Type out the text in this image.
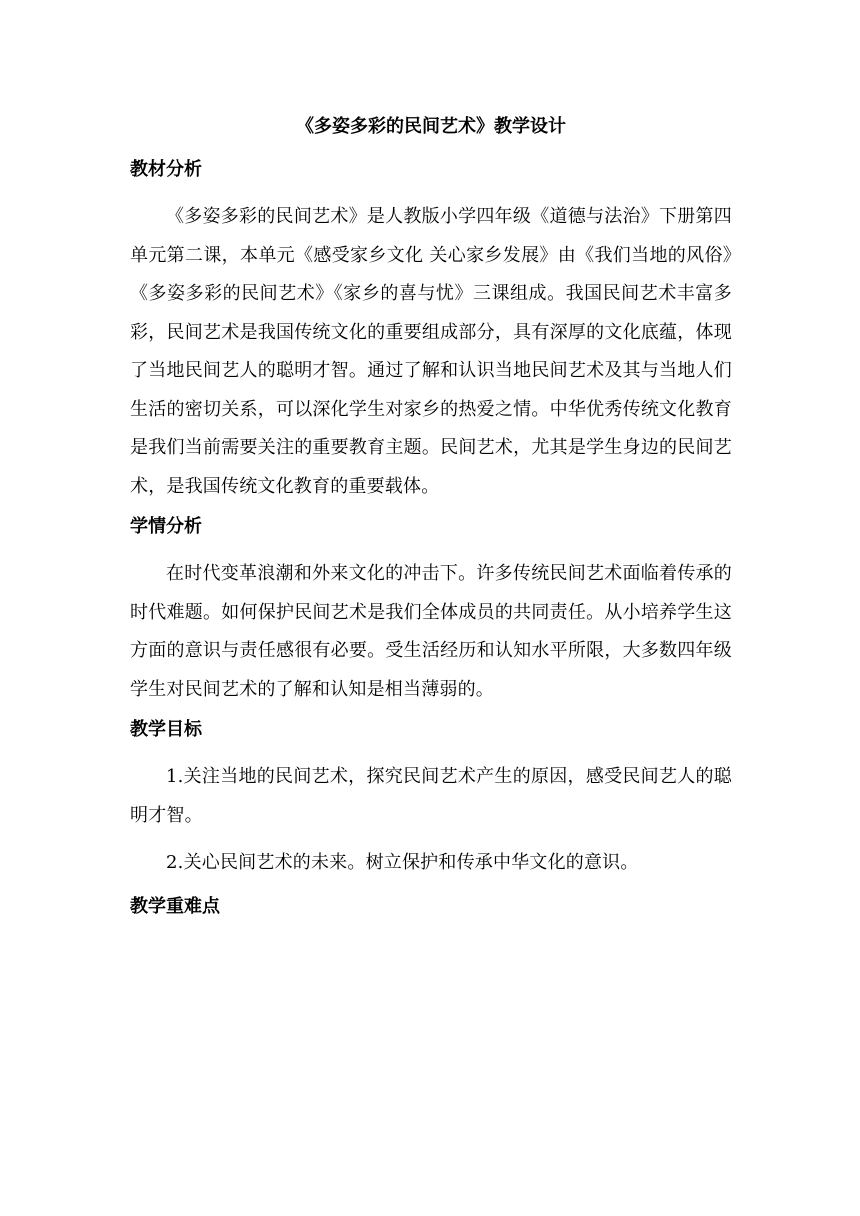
《多姿多彩的民间艺术》教学设计
教材分析

《多姿多彩的民间艺术》是人教版小学四年级《道德与法治》下册第四单元第二课，本单元《感受家乡文化 关心家乡发展》由《我们当地的风俗》《多姿多彩的民间艺术》《家乡的喜与忧》三课组成。我国民间艺术丰富多彩，民间艺术是我国传统文化的重要组成部分，具有深厚的文化底蕴，体现了当地民间艺人的聪明才智。通过了解和认识当地民间艺术及其与当地人们生活的密切关系，可以深化学生对家乡的热爱之情。中华优秀传统文化教育是我们当前需要关注的重要教育主题。民间艺术，尤其是学生身边的民间艺术，是我国传统文化教育的重要载体。

学情分析

在时代变革浪潮和外来文化的冲击下。许多传统民间艺术面临着传承的时代难题。如何保护民间艺术是我们全体成员的共同责任。从小培养学生这方面的意识与责任感很有必要。受生活经历和认知水平所限，大多数四年级学生对民间艺术的了解和认知是相当薄弱的。

教学目标

1.关注当地的民间艺术，探究民间艺术产生的原因，感受民间艺人的聪明才智。

2.关心民间艺术的未来。树立保护和传承中华文化的意识。

教学重难点
